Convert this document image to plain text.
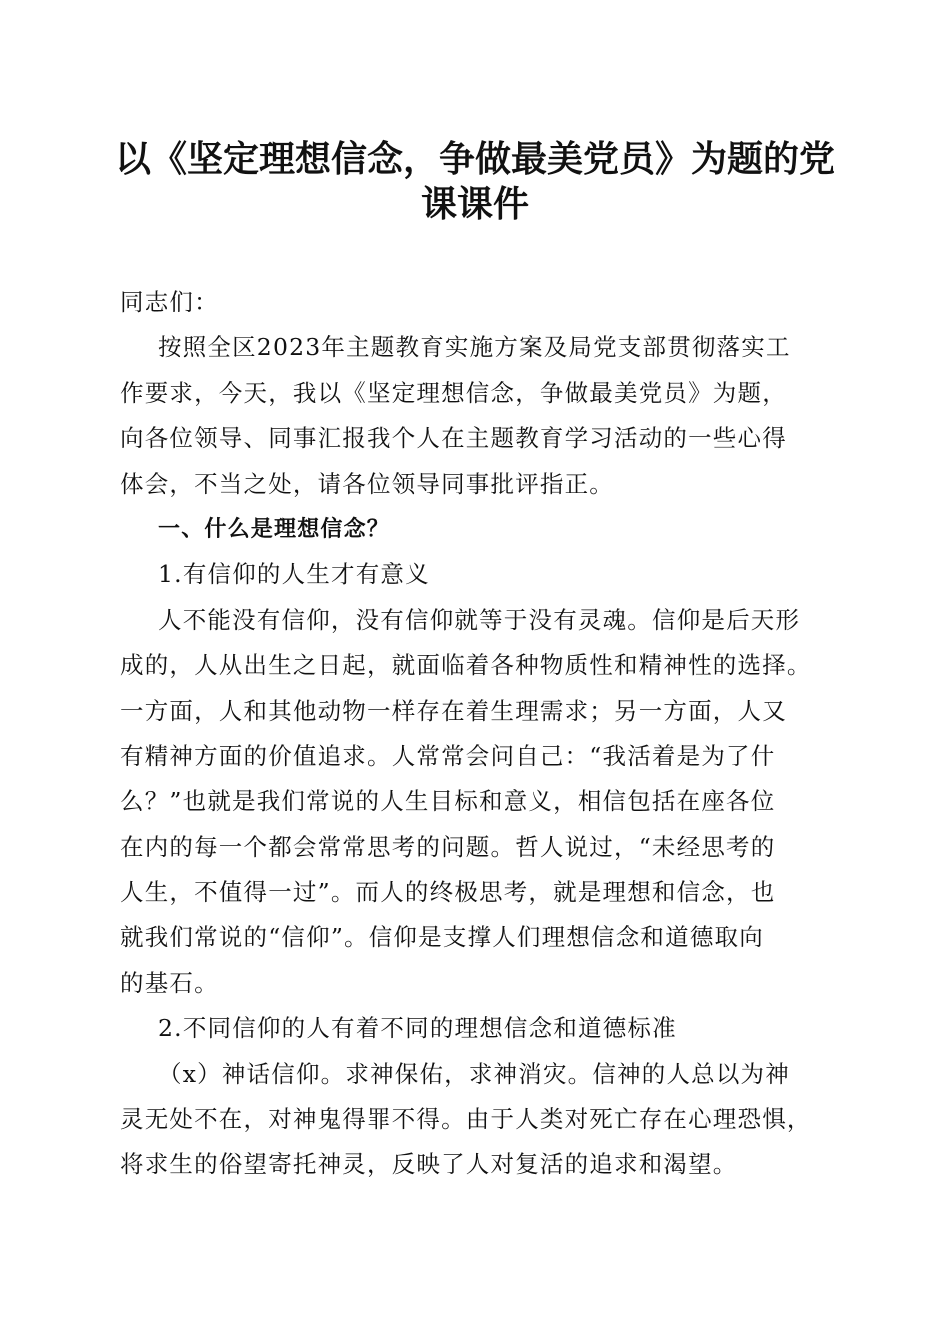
以《坚定理想信念，争做最美党员》为题的党
课课件
同志们：
按照全区2023年主题教育实施方案及局党支部贯彻落实工
作要求，今天，我以《坚定理想信念，争做最美党员》为题，
向各位领导、同事汇报我个人在主题教育学习活动的一些心得
体会，不当之处，请各位领导同事批评指正。
一、什么是理想信念？
1.有信仰的人生才有意义
人不能没有信仰，没有信仰就等于没有灵魂。信仰是后天形
成的，人从出生之日起，就面临着各种物质性和精神性的选择。
一方面，人和其他动物一样存在着生理需求；另一方面，人又
有精神方面的价值追求。人常常会问自己：“我活着是为了什
么？”也就是我们常说的人生目标和意义，相信包括在座各位
在内的每一个都会常常思考的问题。哲人说过，“未经思考的
人生，不值得一过”。而人的终极思考，就是理想和信念，也
就我们常说的“信仰”。信仰是支撑人们理想信念和道德取向
的基石。
2.不同信仰的人有着不同的理想信念和道德标准
（x）神话信仰。求神保佑，求神消灾。信神的人总以为神
灵无处不在，对神鬼得罪不得。由于人类对死亡存在心理恐惧，
将求生的俗望寄托神灵，反映了人对复活的追求和渴望。
